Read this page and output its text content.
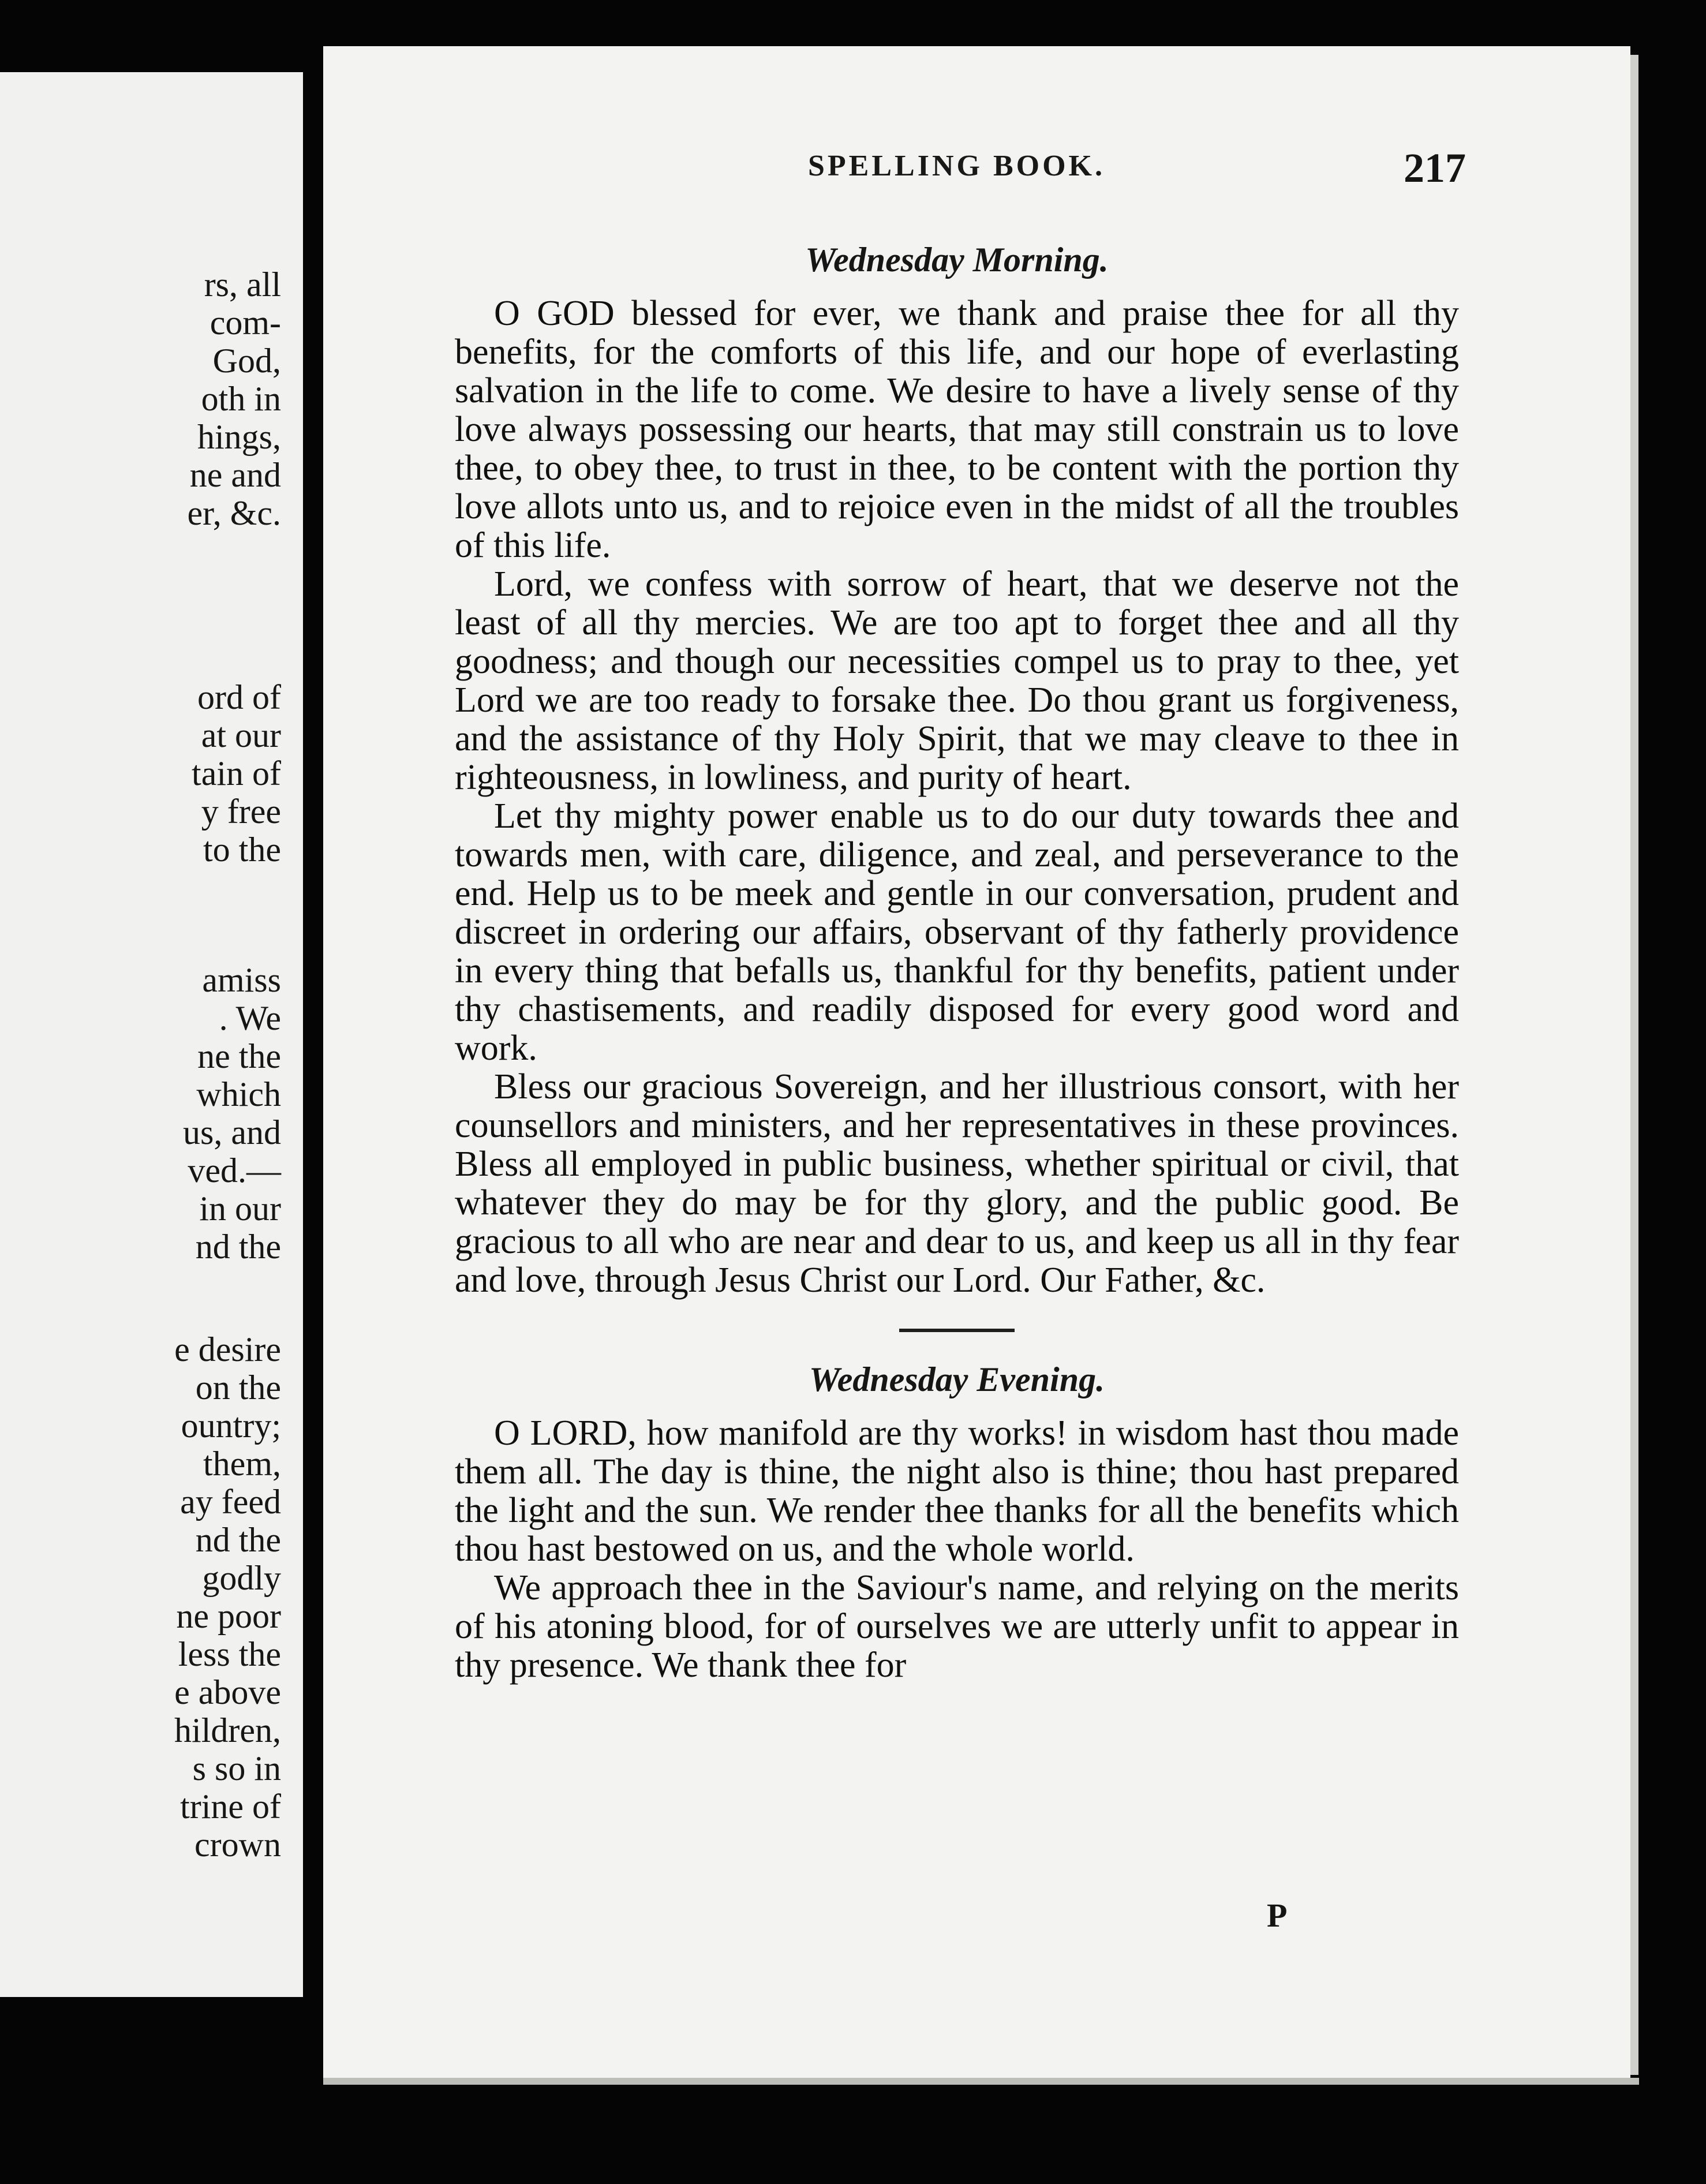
rs, all

com-

God,

oth in

hings,

ne and

er, &c.

ord of

at our

tain of

y free

to the

amiss

. We

ne the

which

us, and

ved.—

in our

nd the

e desire

on the

ountry;

them,

ay feed

nd the

godly

ne poor

less the

e above

hildren,

s so in

trine of

crown

SPELLING BOOK.	217
Wednesday Morning.

O GOD blessed for ever, we thank and praise thee for all thy benefits, for the comforts of this life, and our hope of everlasting salvation in the life to come. We desire to have a lively sense of thy love always possessing our hearts, that may still constrain us to love thee, to obey thee, to trust in thee, to be content with the portion thy love allots unto us, and to rejoice even in the midst of all the troubles of this life.

Lord, we confess with sorrow of heart, that we deserve not the least of all thy mercies. We are too apt to forget thee and all thy goodness; and though our necessities compel us to pray to thee, yet Lord we are too ready to forsake thee. Do thou grant us forgiveness, and the assistance of thy Holy Spirit, that we may cleave to thee in righteousness, in lowliness, and purity of heart.

Let thy mighty power enable us to do our duty towards thee and towards men, with care, diligence, and zeal, and perseverance to the end. Help us to be meek and gentle in our conversation, prudent and discreet in ordering our affairs, observant of thy fatherly providence in every thing that befalls us, thankful for thy benefits, patient under thy chastisements, and readily disposed for every good word and work.

Bless our gracious Sovereign, and her illustrious consort, with her counsellors and ministers, and her representatives in these provinces. Bless all employed in public business, whether spiritual or civil, that whatever they do may be for thy glory, and the public good. Be gracious to all who are near and dear to us, and keep us all in thy fear and love, through Jesus Christ our Lord. Our Father, &c.

Wednesday Evening.

O LORD, how manifold are thy works! in wisdom hast thou made them all. The day is thine, the night also is thine; thou hast prepared the light and the sun. We render thee thanks for all the benefits which thou hast bestowed on us, and the whole world.

We approach thee in the Saviour's name, and relying on the merits of his atoning blood, for of ourselves we are utterly unfit to appear in thy presence. We thank thee for

P
